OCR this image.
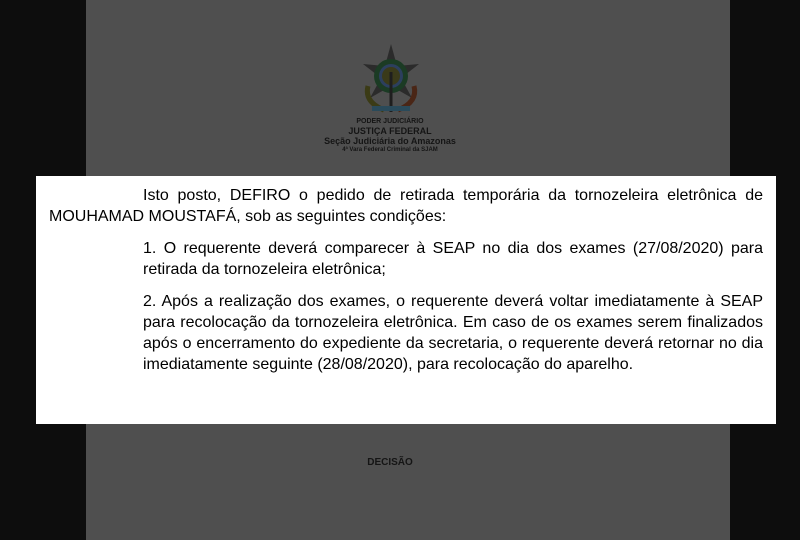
PODER JUDICIÁRIO
JUSTIÇA FEDERAL
Seção Judiciária do Amazonas
4ª Vara Federal Criminal da SJAM

Isto posto, DEFIRO o pedido de retirada temporária da tornozeleira eletrônica de MOUHAMAD MOUSTAFÁ, sob as seguintes condições:

1. O requerente deverá comparecer à SEAP no dia dos exames (27/08/2020) para retirada da tornozeleira eletrônica;

2. Após a realização dos exames, o requerente deverá voltar imediatamente à SEAP para recolocação da tornozeleira eletrônica. Em caso de os exames serem finalizados após o encerramento do expediente da secretaria, o requerente deverá retornar no dia imediatamente seguinte (28/08/2020), para recolocação do aparelho.

DECISÃO
